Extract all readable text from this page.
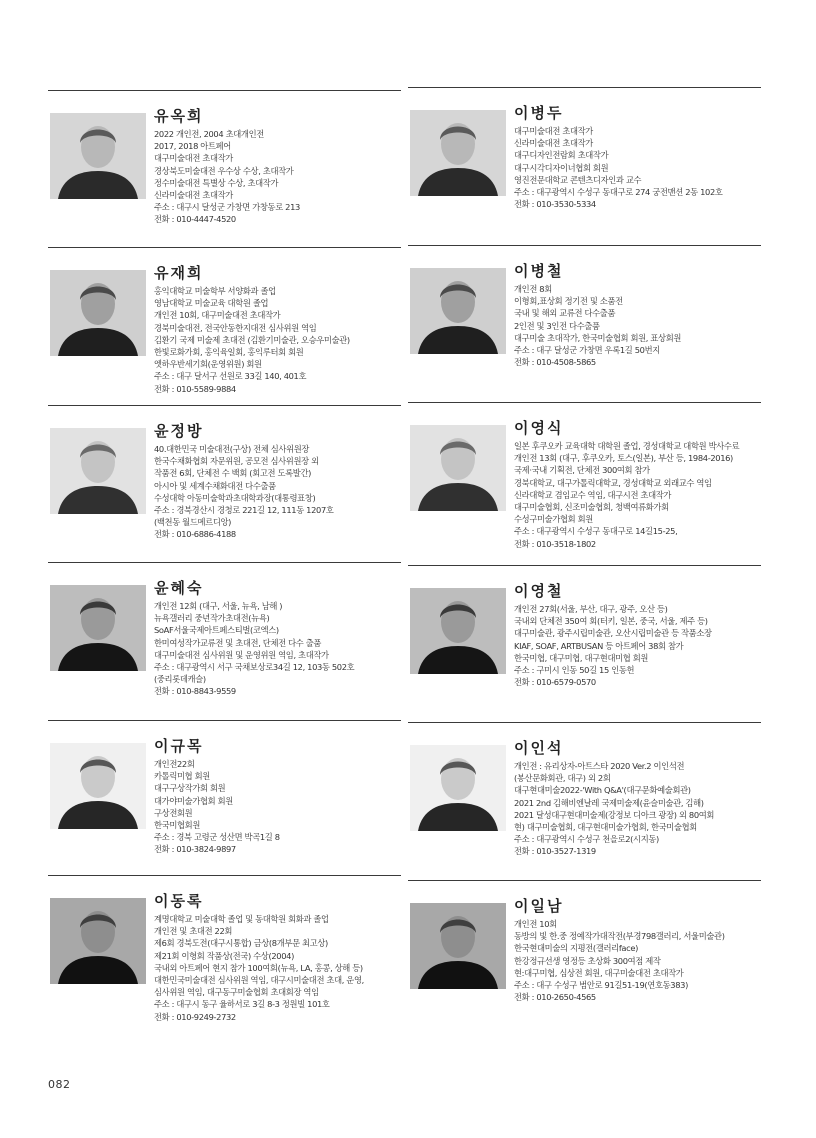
유옥희
2022 개인전, 2004 초대개인전
2017, 2018 아트페어
대구미술대전 초대작가
경상북도미술대전 우수상 수상, 초대작가
정수미술대전 특별상 수상, 초대작가
신라미술대전 초대작가
주소 : 대구시 달성군 가창면 가창동로 213
전화 : 010-4447-4520
유재희
홍익대학교 미술학부 서양화과 졸업
영남대학교 미술교육 대학원 졸업
개인전 10회, 대구미술대전 초대작가
경북미술대전, 전국안동한지대전 심사위원 역임
김환기 국제 미술제 초대전 (김환기미술관, 오승우미술관)
한빛로화가회, 홍익육일회, 홍익루터회 회원
엣하우반세기회(운영위원) 회원
주소 : 대구 달서구 선원로 33길 140, 401호
전화 : 010-5589-9884
윤정방
40.대한민국 미술대전(구상) 전체 심사위원장
한국수채화협회 자문위원, 공모전 심사위원장 외
작품전 6회, 단체전 수 백회 (회고전 도록발간)
아시아 및 세계수채화대전 다수출품
수성대학 아동미술학과초대학과장(대통령표창)
주소 : 경북경산시 경청로 221길 12, 111동 1207호
(백천동 월드메르디앙)
전화 : 010-6886-4188
윤혜숙
개인전 12회 (대구, 서울, 뉴욕, 남해 )
뉴욕갤러리 중년작가초대전(뉴욕)
SoAF서울국제아트페스티벌(코엑스)
한미여성작가교류전 및 초대전, 단체전 다수 출품
대구미술대전 심사위원 및 운영위원 역임, 초대작가
주소 : 대구광역시 서구 국채보상로34길 12, 103동 502호
(중리롯데캐슬)
전화 : 010-8843-9559
이규목
개인전22회
카톨릭미협 회원
대구구상작가회 회원
대가야미술가협회 회원
구상전회원
한국미협회원
주소 : 경북 고령군 성산면 박곡1길 8
전화 : 010-3824-9897
이동록
계명대학교 미술대학 졸업 및 동대학원 회화과 졸업
개인전 및 초대전 22회
제6회 경북도전(대구시통합) 금상(8개부문 최고상)
제21회 이형회 작품상(전국) 수상(2004)
국내외 아트페어 현지 참가 100여회(뉴욕, LA, 홍콩, 상해 등)
대한민국미술대전 심사위원 역임, 대구시미술대전 초대, 운영,
심사위원 역임, 대구동구미술협회 초대회장 역임
주소 : 대구시 동구 율하서로 3길 8-3 정원빌 101호
전화 : 010-9249-2732
이병두
대구미술대전 초대작가
신라미술대전 초대작가
대구디자인전람회 초대작가
대구시각디자이너협회 회원
영진전문대학교 콘텐츠디자인과 교수
주소 : 대구광역시 수성구 동대구로 274 궁전맨션 2동 102호
전화 : 010-3530-5334
이병철
개인전 8회
이형회,표상회 정기전 및 소품전
국내 및 해외 교류전 다수출품
2인전 및 3인전 다수출품
대구미술 초대작가, 한국미술협회 회원, 표상회원
주소 : 대구 달성군 가창면 우록1길 50번지
전화 : 010-4508-5865
이영식
일본 후쿠오카 교육대학 대학원 졸업, 경성대학교 대학원 박사수료
개인전 13회 (대구, 후쿠오카, 토스(일본), 부산 등, 1984-2016)
국제·국내 기획전, 단체전 300여회 참가
경북대학교, 대구가톨릭대학교, 경성대학교 외래교수 역임
신라대학교 겸임교수 역임, 대구시전 초대작가
대구미술협회, 신조미술협회, 청백여류화가회
수성구미술가협회 회원
주소 : 대구광역시 수성구 동대구로 14길15-25,
전화 : 010-3518-1802
이영철
개인전 27회(서울, 부산, 대구, 광주, 오산 등)
국내외 단체전 350여 회(터키, 일본, 중국, 서울, 제주 등)
대구미술관, 광주시립미술관, 오산시립미술관 등 작품소장
KIAF, SOAF, ARTBUSAN 등 아트페어 38회 참가
한국미협, 대구미협, 대구현대미협 회원
주소 : 구미시 인동 50길 15 인동헌
전화 : 010-6579-0570
이인석
개인전 : 유리상자-아트스타 2020 Ver.2 이인석전
(봉산문화회관, 대구) 외 2회
대구현대미술2022-'With Q&A'(대구문화예술회관)
2021 2nd 김해비엔날레 국제미술제(윤슬미술관, 김해)
2021 달성대구현대미술제(강정보 디아크 광장) 외 80여회
현) 대구미술협회, 대구현대미술가협회, 한국미술협회
주소 : 대구광역시 수성구 천을로2(시지동)
전화 : 010-3527-1319
이일남
개인전 10회
동방의 빛 한.중 정예작가대작전(부경798갤러리, 서울미술관)
한국현대미술의 지평전(갤러리face)
한강정규선생 영정등 초상화 300여점 제작
현:대구미협, 심상전 회원, 대구미술대전 초대작가
주소 : 대구 수성구 범안로 91길51-19(연호동383)
전화 : 010-2650-4565
082
